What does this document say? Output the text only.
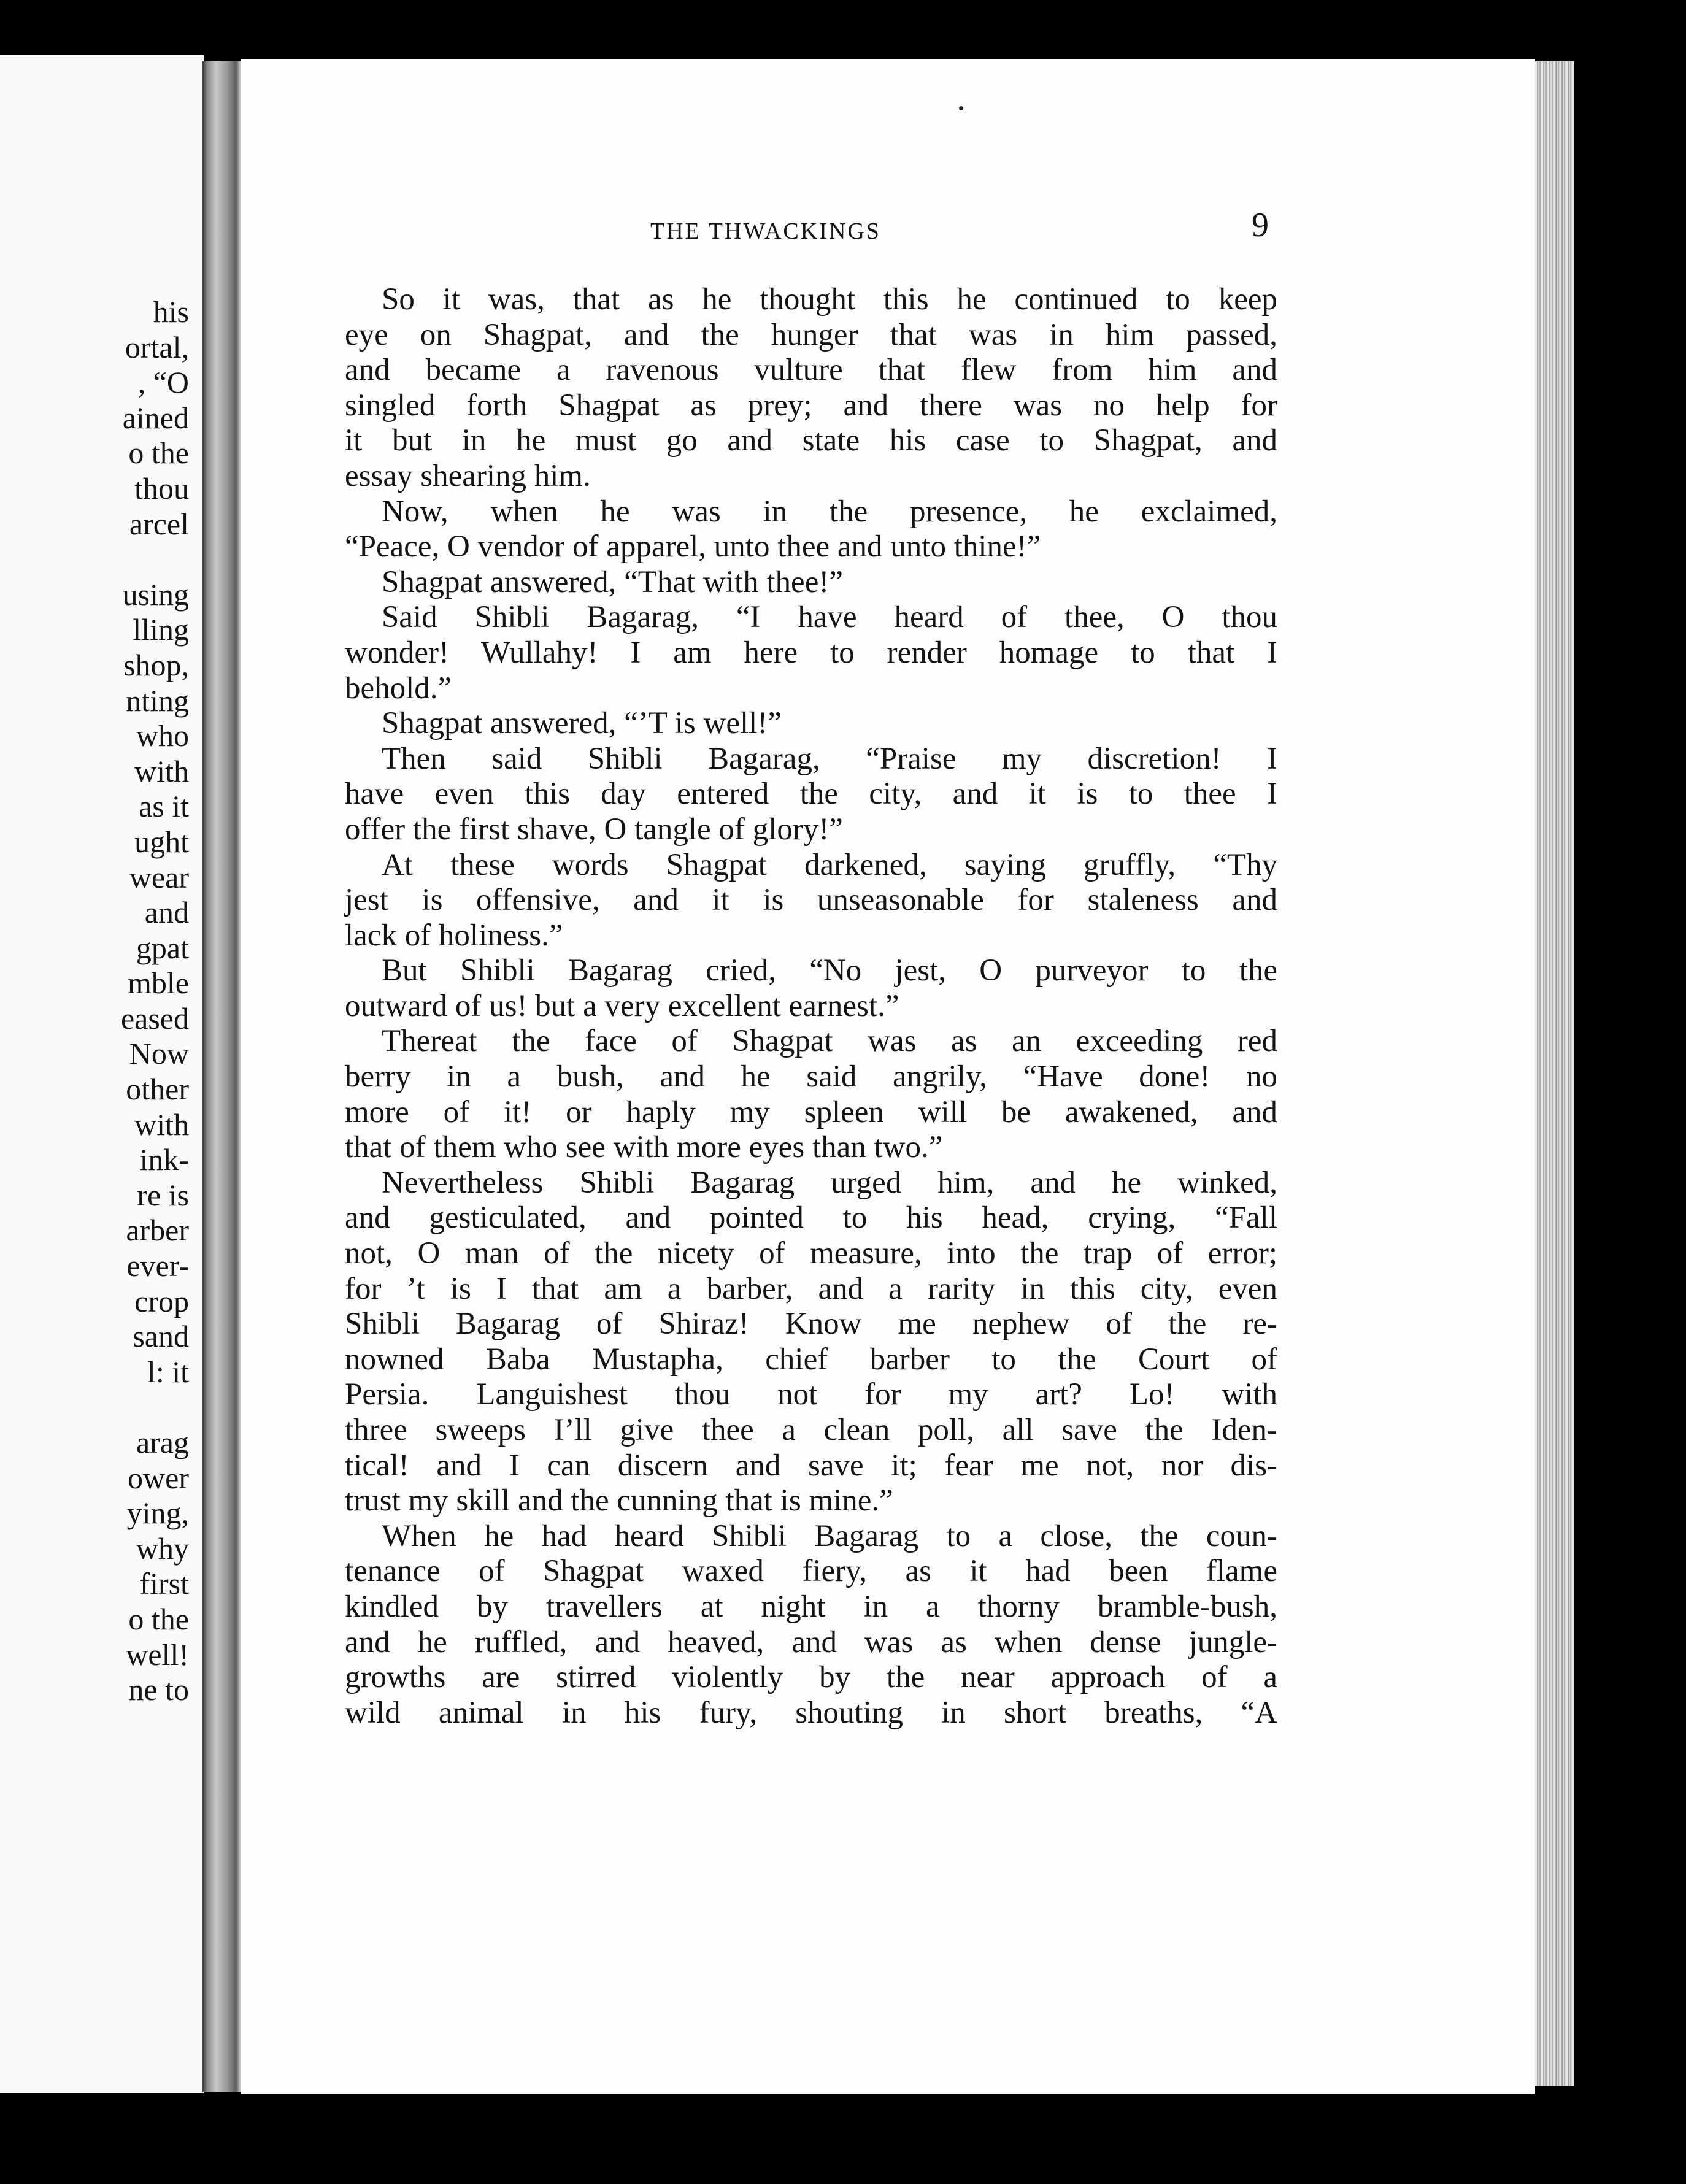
his
ortal,
, “O
ained
o the
thou
arcel
using
lling
shop,
nting
who
with
as it
ught
wear
and
gpat
mble
eased
Now
other
with
ink-
re is
arber
ever-
crop
sand
l: it
arag
ower
ying,
why
first
o the
well!
ne to
THE THWACKINGS	9
So it was, that as he thought this he continued to keep
eye on Shagpat, and the hunger that was in him passed,
and became a ravenous vulture that flew from him and
singled forth Shagpat as prey; and there was no help for
it but in he must go and state his case to Shagpat, and
essay shearing him.
Now, when he was in the presence, he exclaimed,
“Peace, O vendor of apparel, unto thee and unto thine!”
Shagpat answered, “That with thee!”
Said Shibli Bagarag, “I have heard of thee, O thou
wonder! Wullahy! I am here to render homage to that I
behold.”
Shagpat answered, “’T is well!”
Then said Shibli Bagarag, “Praise my discretion! I
have even this day entered the city, and it is to thee I
offer the first shave, O tangle of glory!”
At these words Shagpat darkened, saying gruffly, “Thy
jest is offensive, and it is unseasonable for staleness and
lack of holiness.”
But Shibli Bagarag cried, “No jest, O purveyor to the
outward of us! but a very excellent earnest.”
Thereat the face of Shagpat was as an exceeding red
berry in a bush, and he said angrily, “Have done! no
more of it! or haply my spleen will be awakened, and
that of them who see with more eyes than two.”
Nevertheless Shibli Bagarag urged him, and he winked,
and gesticulated, and pointed to his head, crying, “Fall
not, O man of the nicety of measure, into the trap of error;
for ’t is I that am a barber, and a rarity in this city, even
Shibli Bagarag of Shiraz! Know me nephew of the re-
nowned Baba Mustapha, chief barber to the Court of
Persia. Languishest thou not for my art? Lo! with
three sweeps I’ll give thee a clean poll, all save the Iden-
tical! and I can discern and save it; fear me not, nor dis-
trust my skill and the cunning that is mine.”
When he had heard Shibli Bagarag to a close, the coun-
tenance of Shagpat waxed fiery, as it had been flame
kindled by travellers at night in a thorny bramble-bush,
and he ruffled, and heaved, and was as when dense jungle-
growths are stirred violently by the near approach of a
wild animal in his fury, shouting in short breaths, “A
